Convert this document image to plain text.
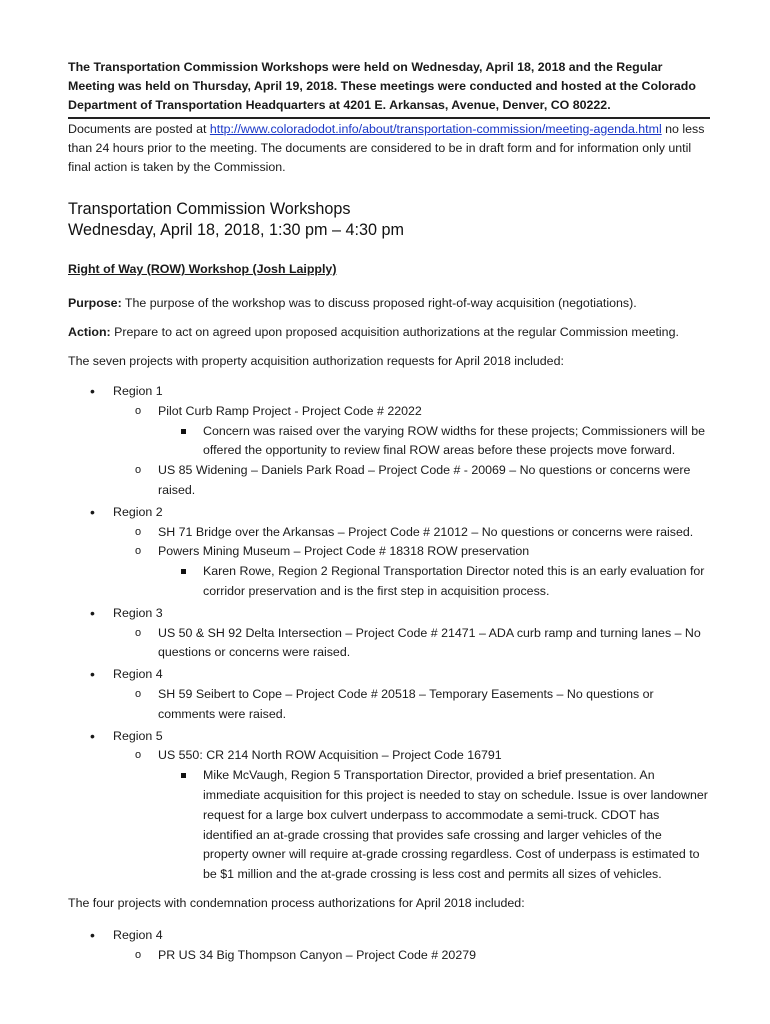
The Transportation Commission Workshops were held on Wednesday, April 18, 2018 and the Regular Meeting was held on Thursday, April 19, 2018. These meetings were conducted and hosted at the Colorado Department of Transportation Headquarters at 4201 E. Arkansas, Avenue, Denver, CO 80222.
Documents are posted at http://www.coloradodot.info/about/transportation-commission/meeting-agenda.html no less than 24 hours prior to the meeting. The documents are considered to be in draft form and for information only until final action is taken by the Commission.
Transportation Commission Workshops
Wednesday, April 18, 2018, 1:30 pm – 4:30 pm
Right of Way (ROW) Workshop (Josh Laipply)

Purpose: The purpose of the workshop was to discuss proposed right-of-way acquisition (negotiations).

Action: Prepare to act on agreed upon proposed acquisition authorizations at the regular Commission meeting.

The seven projects with property acquisition authorization requests for April 2018 included:

•
Region 1
o Pilot Curb Ramp Project - Project Code # 22022
Concern was raised over the varying ROW widths for these projects; Commissioners will be offered the opportunity to review final ROW areas before these projects move forward.
o US 85 Widening – Daniels Park Road – Project Code # - 20069 – No questions or concerns were raised.
•
Region 2
o SH 71 Bridge over the Arkansas – Project Code # 21012 – No questions or concerns were raised.
o Powers Mining Museum – Project Code # 18318 ROW preservation
Karen Rowe, Region 2 Regional Transportation Director noted this is an early evaluation for corridor preservation and is the first step in acquisition process.
•
Region 3
o US 50 & SH 92 Delta Intersection – Project Code # 21471 – ADA curb ramp and turning lanes – No questions or concerns were raised.
•
Region 4
o SH 59 Seibert to Cope – Project Code # 20518 – Temporary Easements – No questions or comments were raised.
•
Region 5
o US 550: CR 214 North ROW Acquisition – Project Code 16791
Mike McVaugh, Region 5 Transportation Director, provided a brief presentation. An immediate acquisition for this project is needed to stay on schedule. Issue is over landowner request for a large box culvert underpass to accommodate a semi-truck. CDOT has identified an at-grade crossing that provides safe crossing and larger vehicles of the property owner will require at-grade crossing regardless. Cost of underpass is estimated to be $1 million and the at-grade crossing is less cost and permits all sizes of vehicles.

The four projects with condemnation process authorizations for April 2018 included:

•
Region 4
o PR US 34 Big Thompson Canyon – Project Code # 20279
